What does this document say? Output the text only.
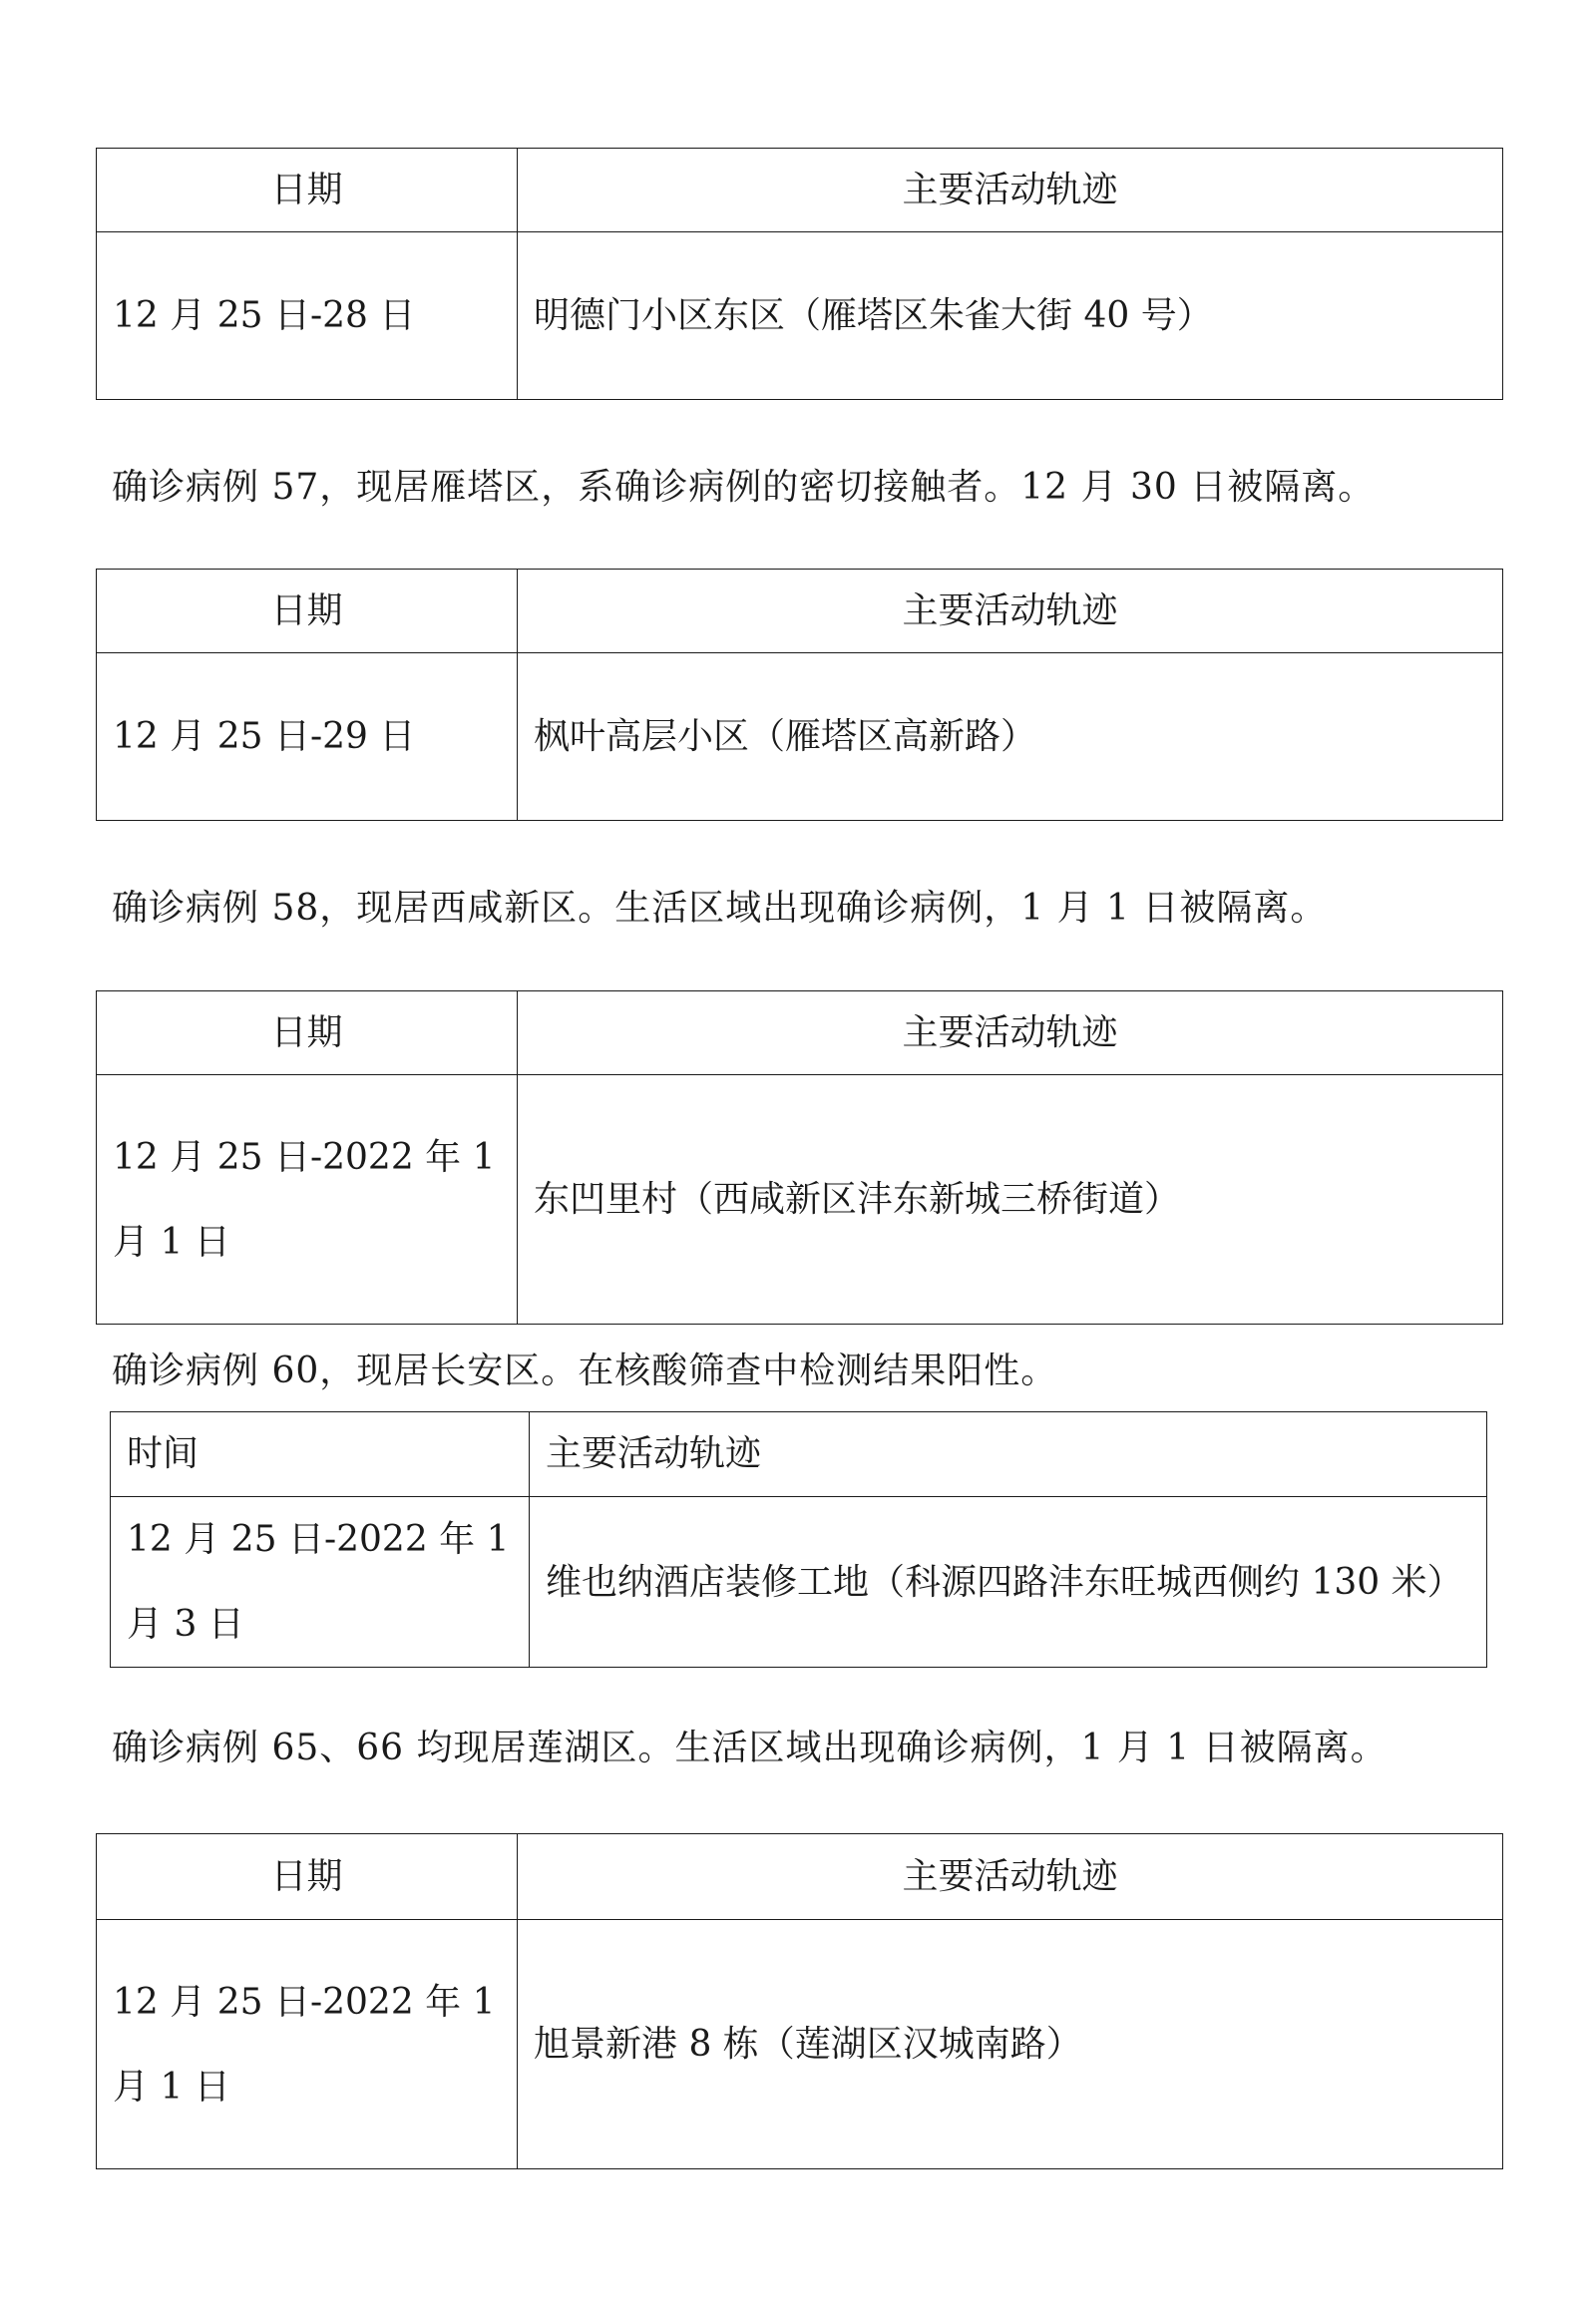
日期	主要活动轨迹
12 月 25 日-28 日	明德门小区东区（雁塔区朱雀大街 40 号）
确诊病例 57，现居雁塔区，系确诊病例的密切接触者。12 月 30 日被隔离。
日期	主要活动轨迹
12 月 25 日-29 日	枫叶高层小区（雁塔区高新路）
确诊病例 58，现居西咸新区。生活区域出现确诊病例，1 月 1 日被隔离。
日期	主要活动轨迹
12 月 25 日-2022 年 1 月 1 日	东凹里村（西咸新区沣东新城三桥街道）
确诊病例 60，现居长安区。在核酸筛查中检测结果阳性。
时间	主要活动轨迹
12 月 25 日-2022 年 1 月 3 日	维也纳酒店装修工地（科源四路沣东旺城西侧约 130 米）
确诊病例 65、66 均现居莲湖区。生活区域出现确诊病例，1 月 1 日被隔离。
日期	主要活动轨迹
12 月 25 日-2022 年 1 月 1 日	旭景新港 8 栋（莲湖区汉城南路）
